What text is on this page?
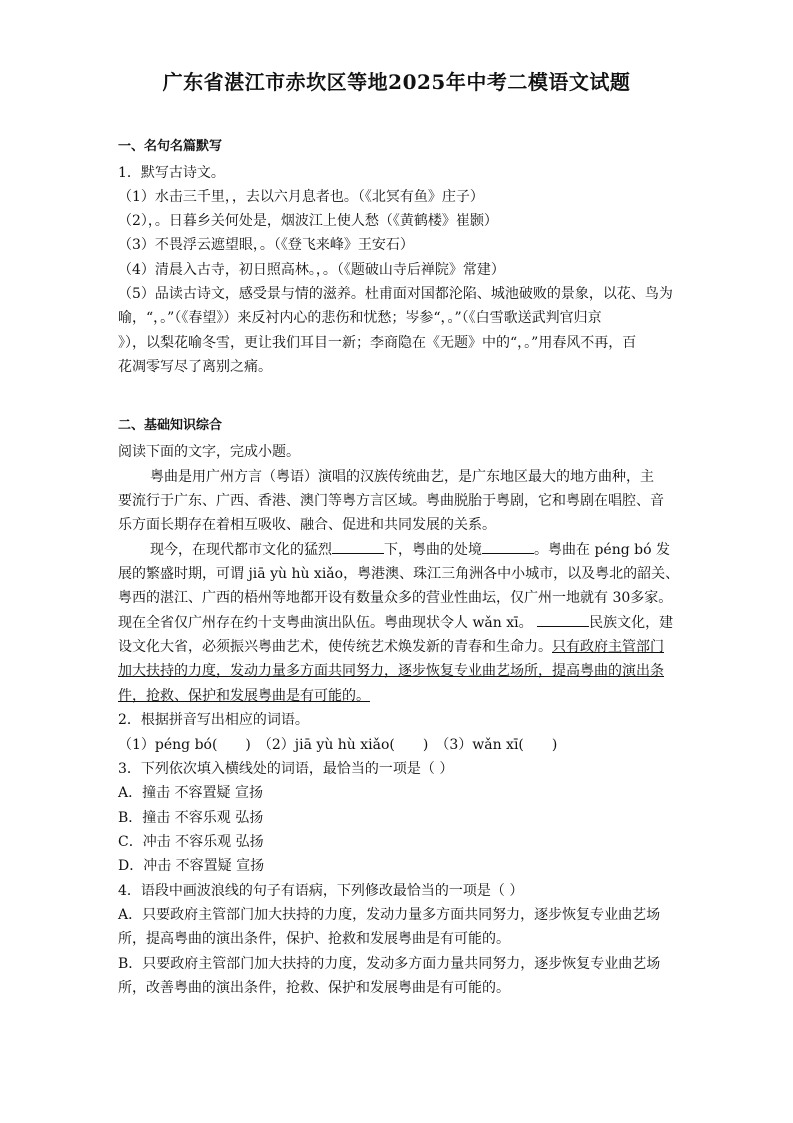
广东省湛江市赤坎区等地2025年中考二模语文试题
一、名句名篇默写
1．默写古诗文。
（1）水击三千里，，去以六月息者也。（《北冥有鱼》庄子）
（2），。日暮乡关何处是，烟波江上使人愁（《黄鹤楼》崔颢）
（3）不畏浮云遮望眼，。（《登飞来峰》王安石）
（4）清晨入古寺，初日照高林。，。（《题破山寺后禅院》常建）
（5）品读古诗文，感受景与情的滋养。杜甫面对国都沦陷、城池破败的景象，以花、鸟为
喻，“，。”（《春望》）来反衬内心的悲伤和忧愁；岑参“，。”（《白雪歌送武判官归京
》），以梨花喻冬雪，更让我们耳目一新；李商隐在《无题》中的“，。”用春风不再，百
花凋零写尽了离别之痛。
二、基础知识综合
阅读下面的文字，完成小题。
粤曲是用广州方言（粤语）演唱的汉族传统曲艺，是广东地区最大的地方曲种，主
要流行于广东、广西、香港、澳门等粤方言区域。粤曲脱胎于粤剧，它和粤剧在唱腔、音
乐方面长期存在着相互吸收、融合、促进和共同发展的关系。
现今，在现代都市文化的猛烈	下，粤曲的处境	。粤曲在 péng bó 发
展的繁盛时期，可谓 jiā yù hù xiǎo，粤港澳、珠江三角洲各中小城市，以及粤北的韶关、
粤西的湛江、广西的梧州等地都开设有数量众多的营业性曲坛，仅广州一地就有 30多家。
现在全省仅广州存在约十支粤曲演出队伍。粤曲现状令人 wǎn xī。	民族文化，建
设文化大省，必须振兴粤曲艺术，使传统艺术焕发新的青春和生命力。只有政府主管部门
加大扶持的力度，发动力量多方面共同努力，逐步恢复专业曲艺场所，提高粤曲的演出条
件，抢救、保护和发展粤曲是有可能的。
2．根据拼音写出相应的词语。
（1）péng bó(　　)　（2）jiā yù hù xiǎo(　　)　（3）wǎn xī(　　)
3．下列依次填入横线处的词语，最恰当的一项是（ ）
A．撞击 不容置疑 宣扬
B．撞击 不容乐观 弘扬
C．冲击 不容乐观 弘扬
D．冲击 不容置疑 宣扬
4．语段中画波浪线的句子有语病，下列修改最恰当的一项是（ ）
A．只要政府主管部门加大扶持的力度，发动力量多方面共同努力，逐步恢复专业曲艺场
所，提高粤曲的演出条件，保护、抢救和发展粤曲是有可能的。
B．只要政府主管部门加大扶持的力度，发动多方面力量共同努力，逐步恢复专业曲艺场
所，改善粤曲的演出条件，抢救、保护和发展粤曲是有可能的。
